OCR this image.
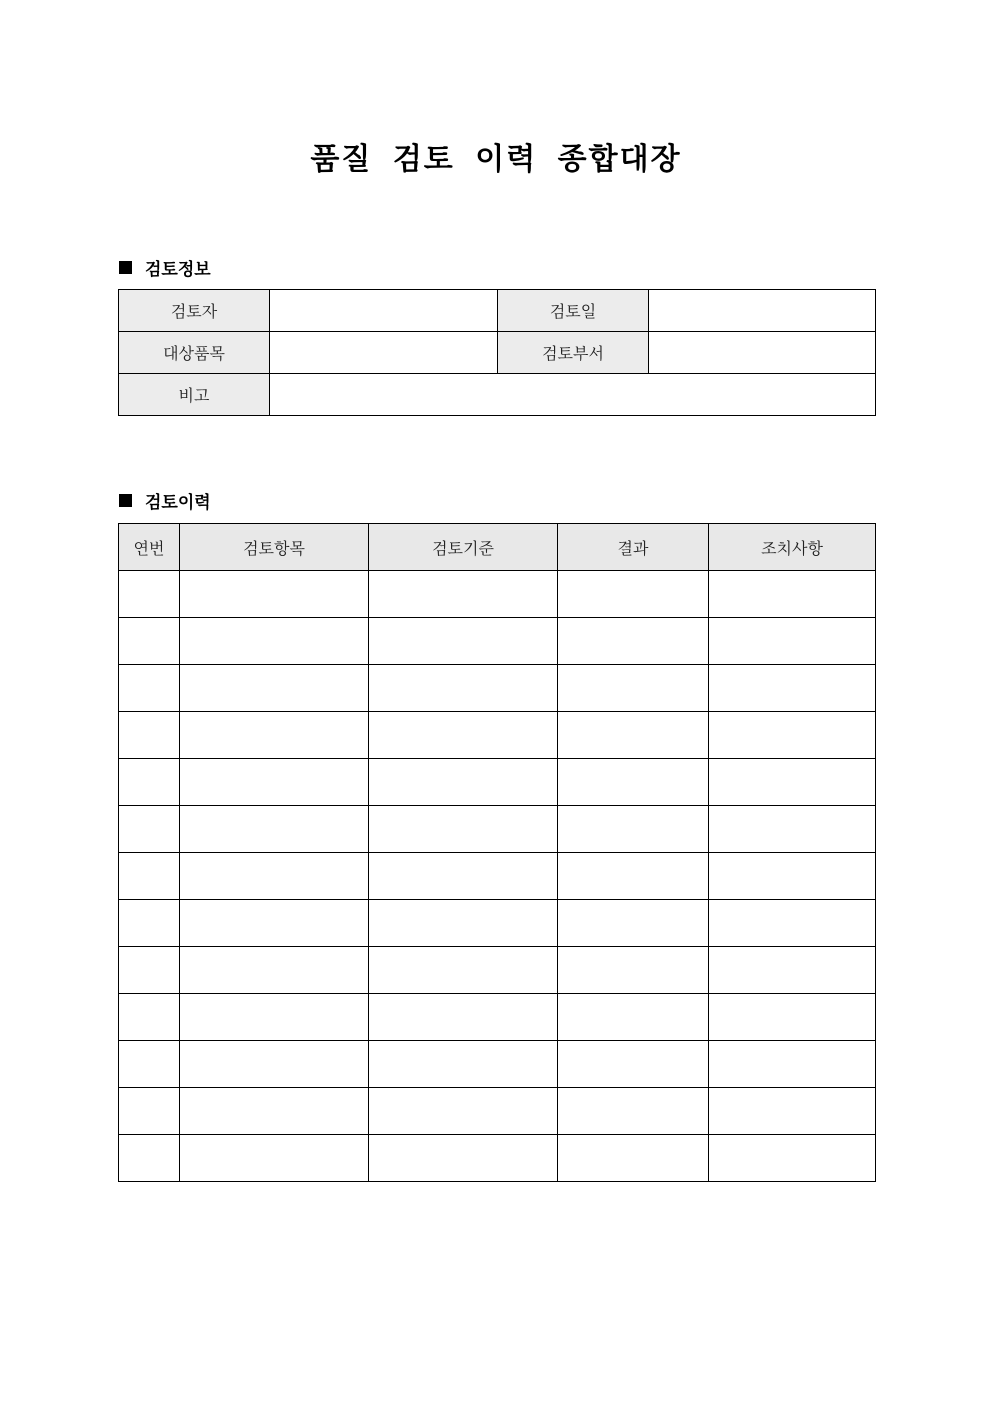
품질 검토 이력 종합대장
검토정보
검토자		검토일	
대상품목		검토부서	
비고			
검토이력
연번	검토항목	검토기준	결과	조치사항
